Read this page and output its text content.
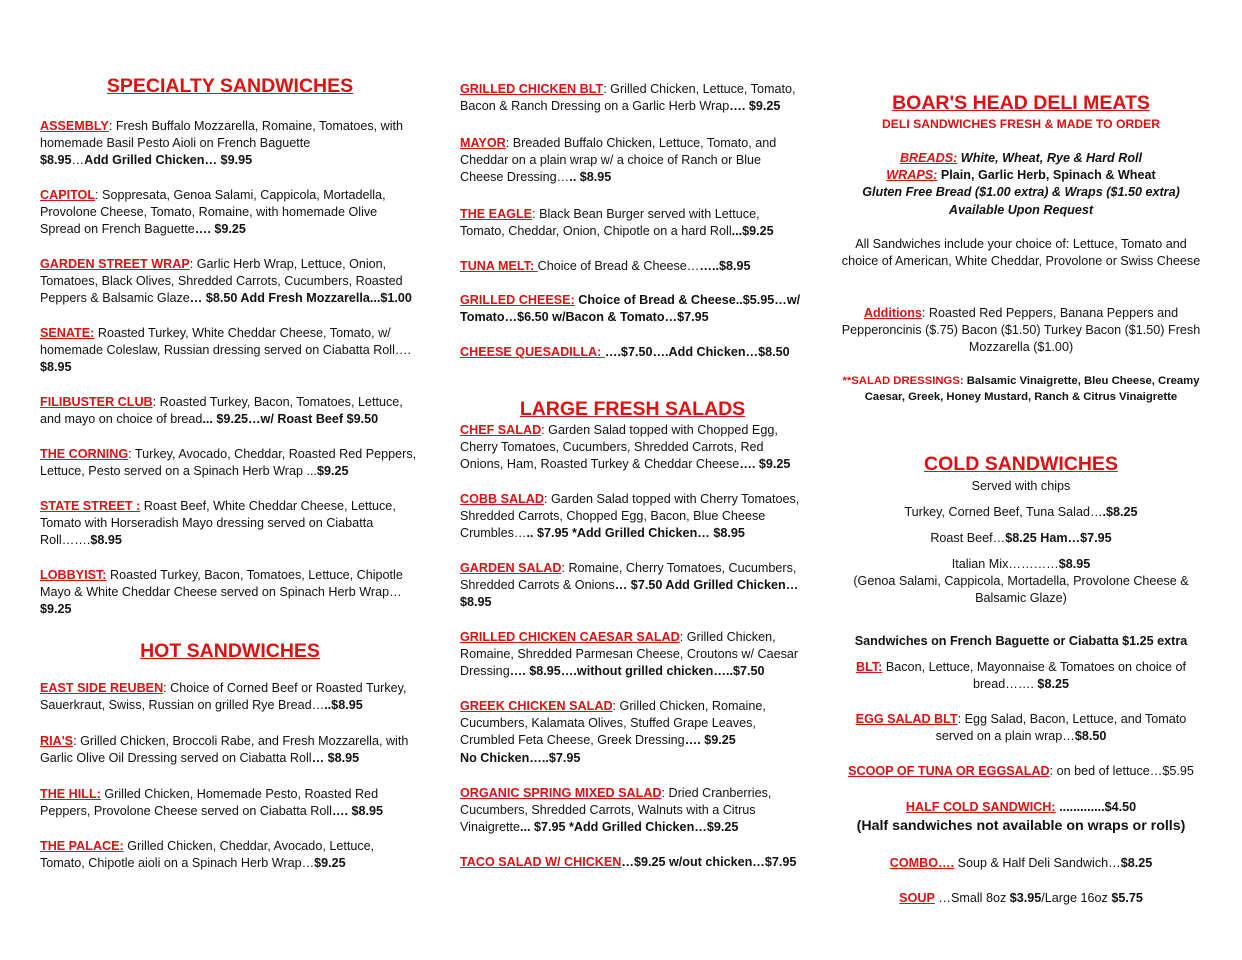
SPECIALTY SANDWICHES

ASSEMBLY: Fresh Buffalo Mozzarella, Romaine, Tomatoes, with homemade Basil Pesto Aioli on French Baguette
$8.95…Add Grilled Chicken… $9.95

CAPITOL: Soppresata, Genoa Salami, Cappicola, Mortadella, Provolone Cheese, Tomato, Romaine, with homemade Olive Spread on French Baguette…. $9.25

GARDEN STREET WRAP: Garlic Herb Wrap, Lettuce, Onion, Tomatoes, Black Olives, Shredded Carrots, Cucumbers, Roasted Peppers & Balsamic Glaze… $8.50 Add Fresh Mozzarella...$1.00

SENATE: Roasted Turkey, White Cheddar Cheese, Tomato, w/ homemade Coleslaw, Russian dressing served on Ciabatta Roll….
$8.95

FILIBUSTER CLUB: Roasted Turkey, Bacon, Tomatoes, Lettuce, and mayo on choice of bread... $9.25…w/ Roast Beef $9.50

THE CORNING: Turkey, Avocado, Cheddar, Roasted Red Peppers, Lettuce, Pesto served on a Spinach Herb Wrap ...$9.25

STATE STREET : Roast Beef, White Cheddar Cheese, Lettuce, Tomato with Horseradish Mayo dressing served on Ciabatta Roll…….$8.95

LOBBYIST: Roasted Turkey, Bacon, Tomatoes, Lettuce, Chipotle Mayo & White Cheddar Cheese served on Spinach Herb Wrap…$9.25

HOT SANDWICHES

EAST SIDE REUBEN: Choice of Corned Beef or Roasted Turkey, Sauerkraut, Swiss, Russian on grilled Rye Bread…..$8.95

RIA'S: Grilled Chicken, Broccoli Rabe, and Fresh Mozzarella, with Garlic Olive Oil Dressing served on Ciabatta Roll… $8.95

THE HILL: Grilled Chicken, Homemade Pesto, Roasted Red Peppers, Provolone Cheese served on Ciabatta Roll…. $8.95

THE PALACE: Grilled Chicken, Cheddar, Avocado, Lettuce, Tomato, Chipotle aioli on a Spinach Herb Wrap…$9.25

GRILLED CHICKEN BLT: Grilled Chicken, Lettuce, Tomato, Bacon & Ranch Dressing on a Garlic Herb Wrap…. $9.25

MAYOR: Breaded Buffalo Chicken, Lettuce, Tomato, and Cheddar on a plain wrap w/ a choice of Ranch or Blue Cheese Dressing….. $8.95

THE EAGLE: Black Bean Burger served with Lettuce, Tomato, Cheddar, Onion, Chipotle on a hard Roll...$9.25

TUNA MELT: Choice of Bread & Cheese……..$8.95

GRILLED CHEESE: Choice of Bread & Cheese..$5.95…w/ Tomato…$6.50 w/Bacon & Tomato…$7.95

CHEESE QUESADILLA: ….$7.50….Add Chicken…$8.50

LARGE FRESH SALADS

CHEF SALAD: Garden Salad topped with Chopped Egg, Cherry Tomatoes, Cucumbers, Shredded Carrots, Red Onions, Ham, Roasted Turkey & Cheddar Cheese…. $9.25

COBB SALAD: Garden Salad topped with Cherry Tomatoes, Shredded Carrots, Chopped Egg, Bacon, Blue Cheese Crumbles….. $7.95 *Add Grilled Chicken… $8.95

GARDEN SALAD: Romaine, Cherry Tomatoes, Cucumbers, Shredded Carrots & Onions… $7.50 Add Grilled Chicken… $8.95

GRILLED CHICKEN CAESAR SALAD: Grilled Chicken, Romaine, Shredded Parmesan Cheese, Croutons w/ Caesar Dressing…. $8.95….without grilled chicken…..$7.50

GREEK CHICKEN SALAD: Grilled Chicken, Romaine, Cucumbers, Kalamata Olives, Stuffed Grape Leaves, Crumbled Feta Cheese, Greek Dressing…. $9.25
No Chicken…..$7.95

ORGANIC SPRING MIXED SALAD: Dried Cranberries, Cucumbers, Shredded Carrots, Walnuts with a Citrus Vinaigrette... $7.95 *Add Grilled Chicken…$9.25

TACO SALAD W/ CHICKEN…$9.25 w/out chicken…$7.95

BOAR'S HEAD DELI MEATS

DELI SANDWICHES FRESH & MADE TO ORDER

BREADS: White, Wheat, Rye & Hard Roll
WRAPS: Plain, Garlic Herb, Spinach & Wheat
Gluten Free Bread ($1.00 extra) & Wraps ($1.50 extra)
Available Upon Request

All Sandwiches include your choice of: Lettuce, Tomato and choice of American, White Cheddar, Provolone or Swiss Cheese

Additions: Roasted Red Peppers, Banana Peppers and Pepperoncinis ($.75) Bacon ($1.50) Turkey Bacon ($1.50) Fresh Mozzarella ($1.00)

**SALAD DRESSINGS: Balsamic Vinaigrette, Bleu Cheese, Creamy Caesar, Greek, Honey Mustard, Ranch & Citrus Vinaigrette

COLD SANDWICHES

Served with chips

Turkey, Corned Beef, Tuna Salad….$8.25

Roast Beef…$8.25 Ham…$7.95

Italian Mix…………$8.95
(Genoa Salami, Cappicola, Mortadella, Provolone Cheese & Balsamic Glaze)

Sandwiches on French Baguette or Ciabatta $1.25 extra

BLT: Bacon, Lettuce, Mayonnaise & Tomatoes on choice of bread……. $8.25

EGG SALAD BLT: Egg Salad, Bacon, Lettuce, and Tomato served on a plain wrap…$8.50

SCOOP OF TUNA OR EGGSALAD: on bed of lettuce…$5.95

HALF COLD SANDWICH: .............$4.50

(Half sandwiches not available on wraps or rolls)

COMBO…. Soup & Half Deli Sandwich…$8.25

SOUP …Small 8oz $3.95/Large 16oz $5.75
